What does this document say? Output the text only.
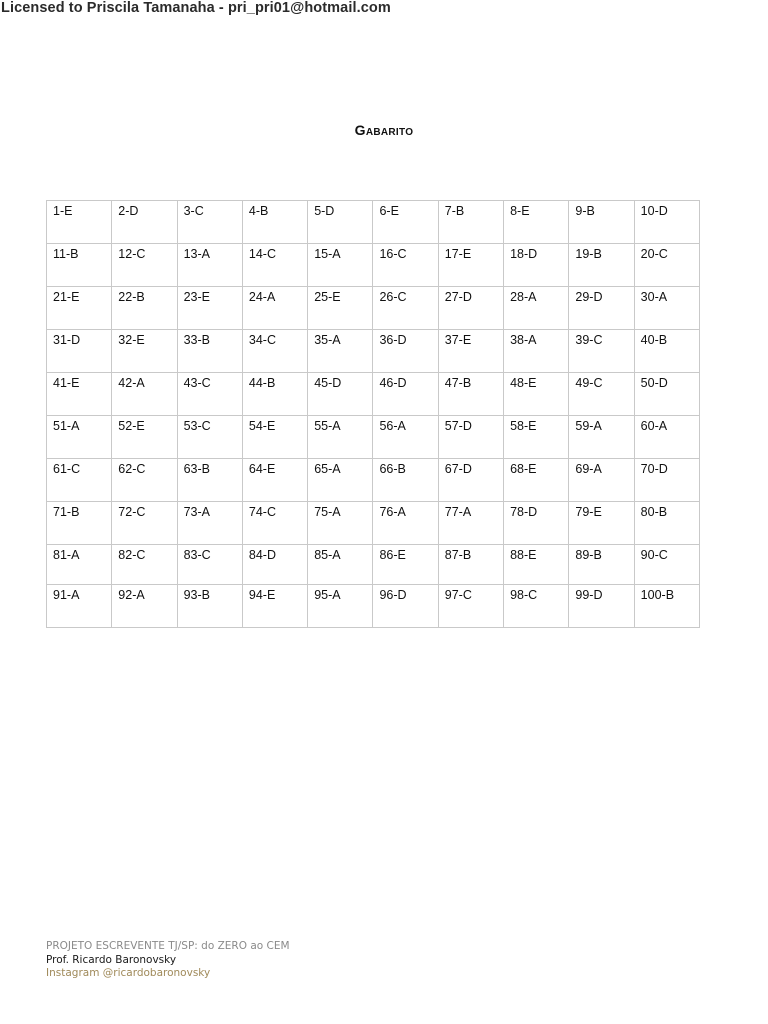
Licensed to Priscila Tamanaha - pri_pri01@hotmail.com
Gabarito
1-E	2-D	3-C	4-B	5-D	6-E	7-B	8-E	9-B	10-D
11-B	12-C	13-A	14-C	15-A	16-C	17-E	18-D	19-B	20-C
21-E	22-B	23-E	24-A	25-E	26-C	27-D	28-A	29-D	30-A
31-D	32-E	33-B	34-C	35-A	36-D	37-E	38-A	39-C	40-B
41-E	42-A	43-C	44-B	45-D	46-D	47-B	48-E	49-C	50-D
51-A	52-E	53-C	54-E	55-A	56-A	57-D	58-E	59-A	60-A
61-C	62-C	63-B	64-E	65-A	66-B	67-D	68-E	69-A	70-D
71-B	72-C	73-A	74-C	75-A	76-A	77-A	78-D	79-E	80-B
81-A	82-C	83-C	84-D	85-A	86-E	87-B	88-E	89-B	90-C
91-A	92-A	93-B	94-E	95-A	96-D	97-C	98-C	99-D	100-B
PROJETO ESCREVENTE TJ/SP: do ZERO ao CEM
Prof. Ricardo Baronovsky
Instagram @ricardobaronovsky
